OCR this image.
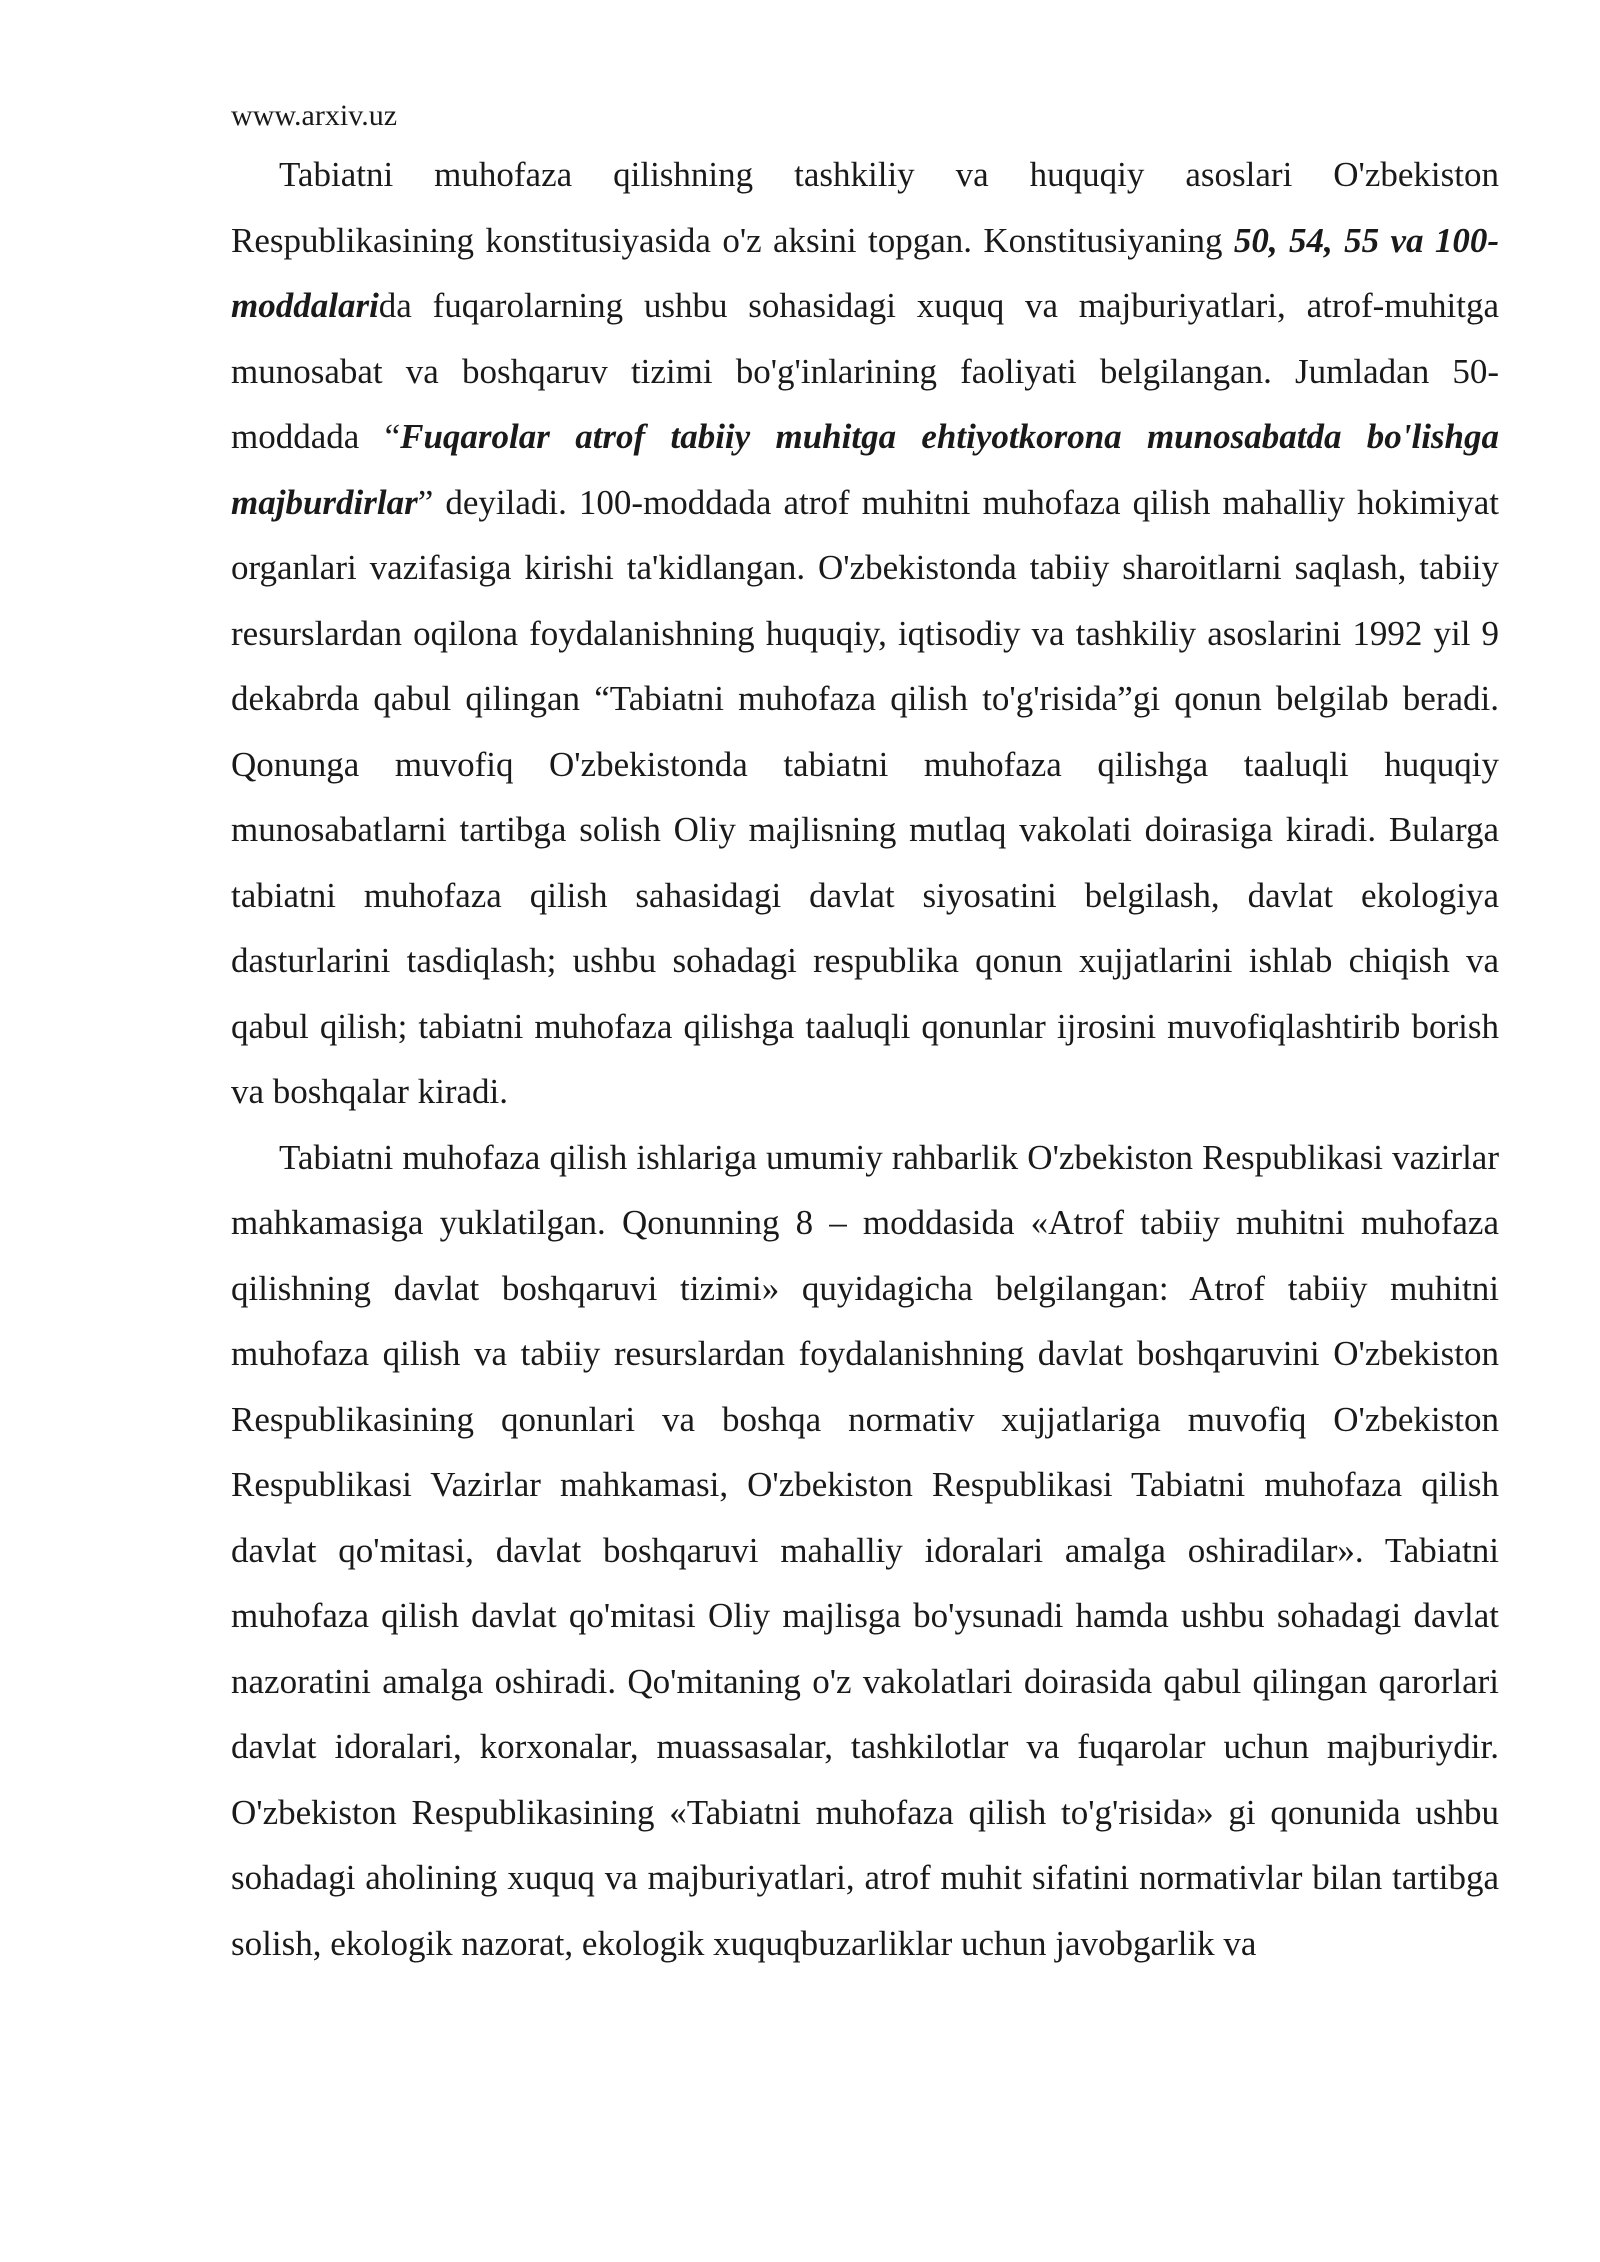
www.arxiv.uz

Tabiatni muhofaza qilishning tashkiliy va huquqiy asoslari O'zbekiston Respublikasining konstitusiyasida o'z aksini topgan. Konstitusiyaning 50, 54, 55 va 100-moddalarida fuqarolarning ushbu sohasidagi xuquq va majburiyatlari, atrof-muhitga munosabat va boshqaruv tizimi bo'g'inlarining faoliyati belgilangan. Jumladan 50-moddada “Fuqarolar atrof tabiiy muhitga ehtiyotkorona munosabatda bo'lishga majburdirlar” deyiladi. 100-moddada atrof muhitni muhofaza qilish mahalliy hokimiyat organlari vazifasiga kirishi ta'kidlangan. O'zbekistonda tabiiy sharoitlarni saqlash, tabiiy resurslardan oqilona foydalanishning huquqiy, iqtisodiy va tashkiliy asoslarini 1992 yil 9 dekabrda qabul qilingan “Tabiatni muhofaza qilish to'g'risida”gi qonun belgilab beradi. Qonunga muvofiq O'zbekistonda tabiatni muhofaza qilishga taaluqli huquqiy munosabatlarni tartibga solish Oliy majlisning mutlaq vakolati doirasiga kiradi. Bularga tabiatni muhofaza qilish sahasidagi davlat siyosatini belgilash, davlat ekologiya dasturlarini tasdiqlash; ushbu sohadagi respublika qonun xujjatlarini ishlab chiqish va qabul qilish; tabiatni muhofaza qilishga taaluqli qonunlar ijrosini muvofiqlashtirib borish va boshqalar kiradi.

Tabiatni muhofaza qilish ishlariga umumiy rahbarlik O'zbekiston Respublikasi vazirlar mahkamasiga yuklatilgan. Qonunning 8 – moddasida «Atrof tabiiy muhitni muhofaza qilishning davlat boshqaruvi tizimi» quyidagicha belgilangan: Atrof tabiiy muhitni muhofaza qilish va tabiiy resurslardan foydalanishning davlat boshqaruvini O'zbekiston Respublikasining qonunlari va boshqa normativ xujjatlariga muvofiq O'zbekiston Respublikasi Vazirlar mahkamasi, O'zbekiston Respublikasi Tabiatni muhofaza qilish davlat qo'mitasi, davlat boshqaruvi mahalliy idoralari amalga oshiradilar». Tabiatni muhofaza qilish davlat qo'mitasi Oliy majlisga bo'ysunadi hamda ushbu sohadagi davlat nazoratini amalga oshiradi. Qo'mitaning o'z vakolatlari doirasida qabul qilingan qarorlari davlat idoralari, korxonalar, muassasalar, tashkilotlar va fuqarolar uchun majburiydir. O'zbekiston Respublikasining «Tabiatni muhofaza qilish to'g'risida» gi qonunida ushbu sohadagi aholining xuquq va majburiyatlari, atrof muhit sifatini normativlar bilan tartibga solish, ekologik nazorat, ekologik xuquqbuzarliklar uchun javobgarlik va
